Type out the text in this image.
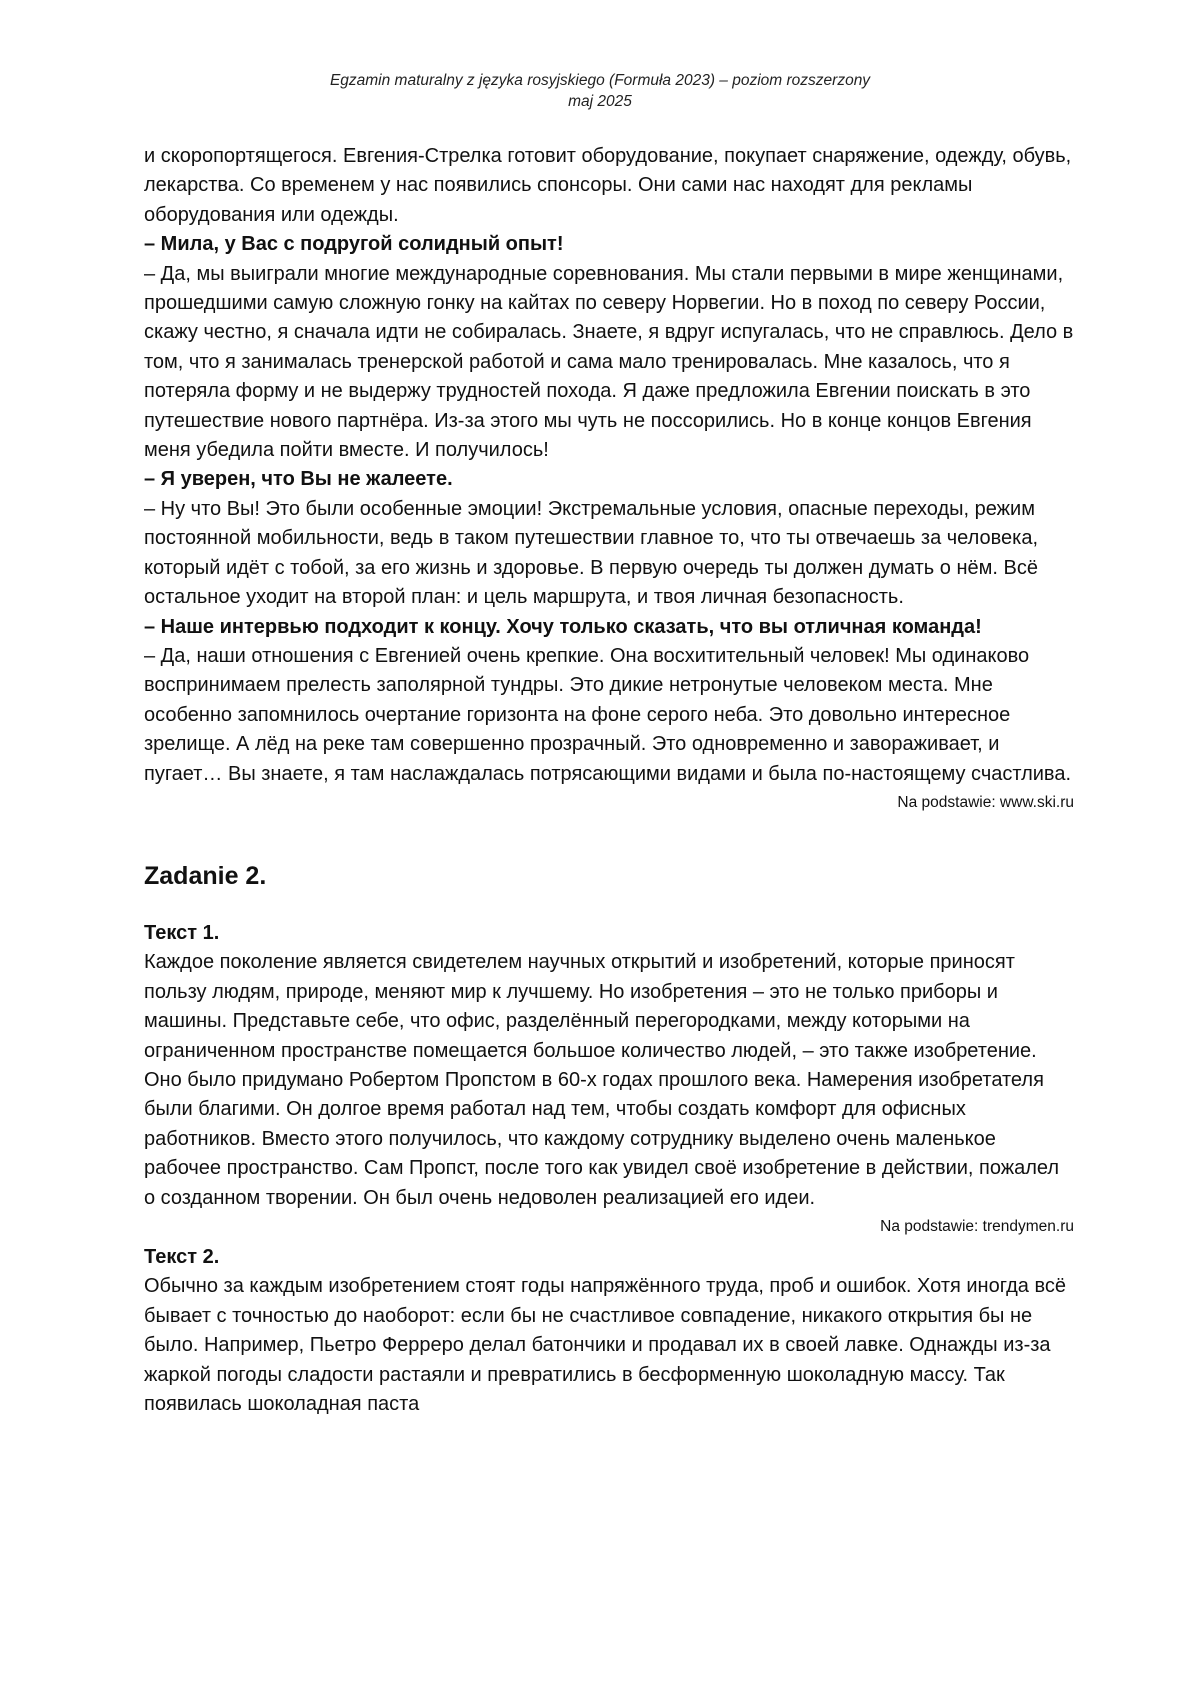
Egzamin maturalny z języka rosyjskiego (Formuła 2023) – poziom rozszerzony
maj 2025

и скоропортящегося. Евгения-Стрелка готовит оборудование, покупает снаряжение, одежду, обувь, лекарства. Со временем у нас появились спонсоры. Они сами нас находят для рекламы оборудования или одежды.

– Мила, у Вас с подругой солидный опыт!

– Да, мы выиграли многие международные соревнования. Мы стали первыми в мире женщинами, прошедшими самую сложную гонку на кайтах по северу Норвегии. Но в поход по северу России, скажу честно, я сначала идти не собиралась. Знаете, я вдруг испугалась, что не справлюсь. Дело в том, что я занималась тренерской работой и сама мало тренировалась. Мне казалось, что я потеряла форму и не выдержу трудностей похода. Я даже предложила Евгении поискать в это путешествие нового партнёра. Из-за этого мы чуть не поссорились. Но в конце концов Евгения меня убедила пойти вместе. И получилось!

– Я уверен, что Вы не жалеете.

– Ну что Вы! Это были особенные эмоции! Экстремальные условия, опасные переходы, режим постоянной мобильности, ведь в таком путешествии главное то, что ты отвечаешь за человека, который идёт с тобой, за его жизнь и здоровье. В первую очередь ты должен думать о нём. Всё остальное уходит на второй план: и цель маршрута, и твоя личная безопасность.

– Наше интервью подходит к концу. Хочу только сказать, что вы отличная команда!

– Да, наши отношения с Евгенией очень крепкие. Она восхитительный человек! Мы одинаково воспринимаем прелесть заполярной тундры. Это дикие нетронутые человеком места. Мне особенно запомнилось очертание горизонта на фоне серого неба. Это довольно интересное зрелище. А лёд на реке там совершенно прозрачный. Это одновременно и завораживает, и пугает… Вы знаете, я там наслаждалась потрясающими видами и была по-настоящему счастлива.

Na podstawie: www.ski.ru

Zadanie 2.

Текст 1.

Каждое поколение является свидетелем научных открытий и изобретений, которые приносят пользу людям, природе, меняют мир к лучшему. Но изобретения – это не только приборы и машины. Представьте себе, что офис, разделённый перегородками, между которыми на ограниченном пространстве помещается большое количество людей, – это также изобретение. Оно было придумано Робертом Пропстом в 60-х годах прошлого века. Намерения изобретателя были благими. Он долгое время работал над тем, чтобы создать комфорт для офисных работников. Вместо этого получилось, что каждому сотруднику выделено очень маленькое рабочее пространство. Сам Пропст, после того как увидел своё изобретение в действии, пожалел о созданном творении. Он был очень недоволен реализацией его идеи.

Na podstawie: trendymen.ru

Текст 2.

Обычно за каждым изобретением стоят годы напряжённого труда, проб и ошибок. Хотя иногда всё бывает с точностью до наоборот: если бы не счастливое совпадение, никакого открытия бы не было. Например, Пьетро Ферреро делал батончики и продавал их в своей лавке. Однажды из-за жаркой погоды сладости растаяли и превратились в бесформенную шоколадную массу. Так появилась шоколадная паста
